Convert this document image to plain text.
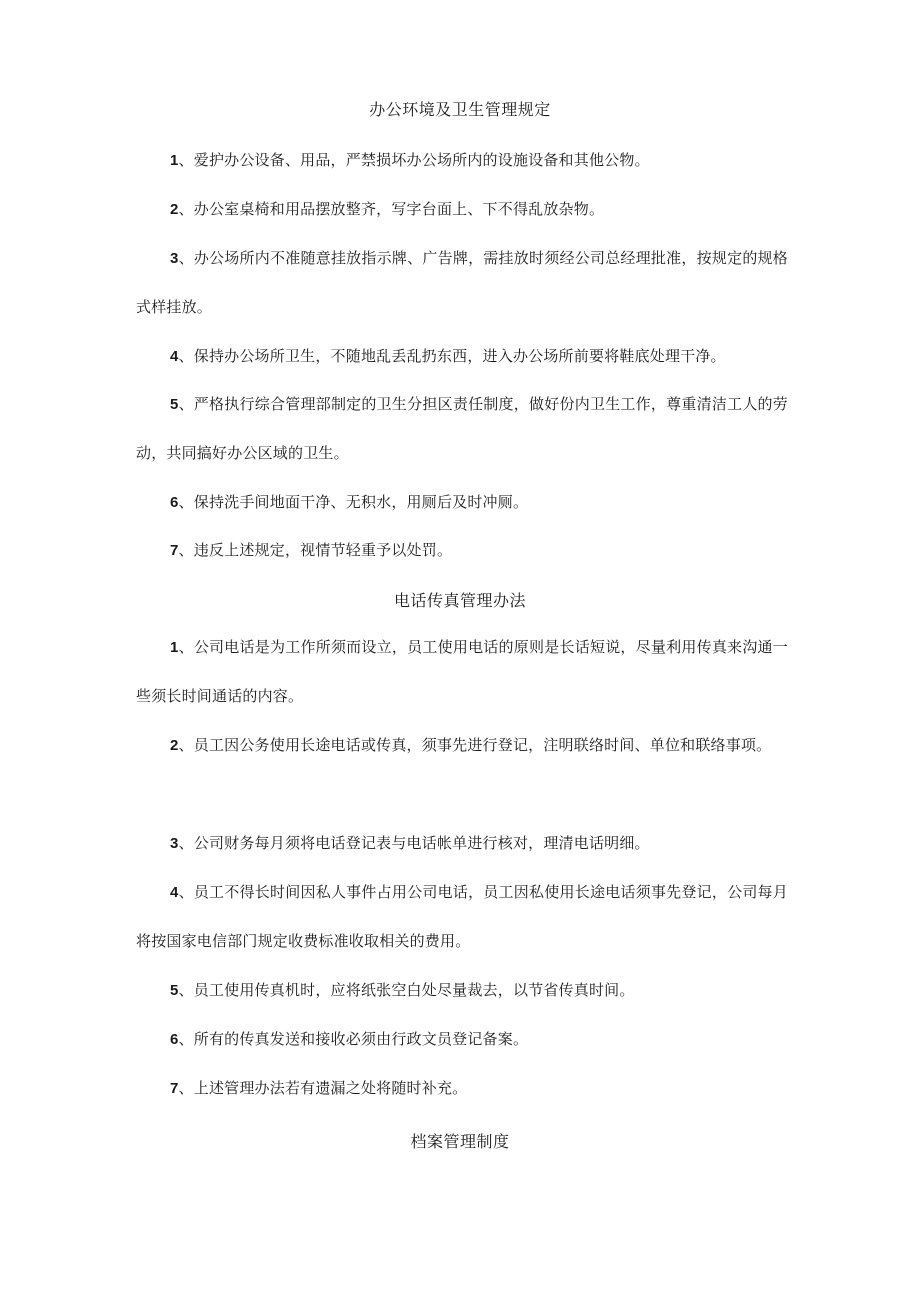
办公环境及卫生管理规定

1、爱护办公设备、用品，严禁损坏办公场所内的设施设备和其他公物。

2、办公室桌椅和用品摆放整齐，写字台面上、下不得乱放杂物。

3、办公场所内不准随意挂放指示牌、广告牌，需挂放时须经公司总经理批准，按规定的规格式样挂放。

4、保持办公场所卫生，不随地乱丢乱扔东西，进入办公场所前要将鞋底处理干净。

5、严格执行综合管理部制定的卫生分担区责任制度，做好份内卫生工作，尊重清洁工人的劳动，共同搞好办公区域的卫生。

6、保持洗手间地面干净、无积水，用厕后及时冲厕。

7、违反上述规定，视情节轻重予以处罚。

电话传真管理办法

1、公司电话是为工作所须而设立，员工使用电话的原则是长话短说，尽量利用传真来沟通一些须长时间通话的内容。

2、员工因公务使用长途电话或传真，须事先进行登记，注明联络时间、单位和联络事项。

3、公司财务每月须将电话登记表与电话帐单进行核对，理清电话明细。

4、员工不得长时间因私人事件占用公司电话，员工因私使用长途电话须事先登记，公司每月将按国家电信部门规定收费标准收取相关的费用。

5、员工使用传真机时，应将纸张空白处尽量裁去，以节省传真时间。

6、所有的传真发送和接收必须由行政文员登记备案。

7、上述管理办法若有遗漏之处将随时补充。

档案管理制度
